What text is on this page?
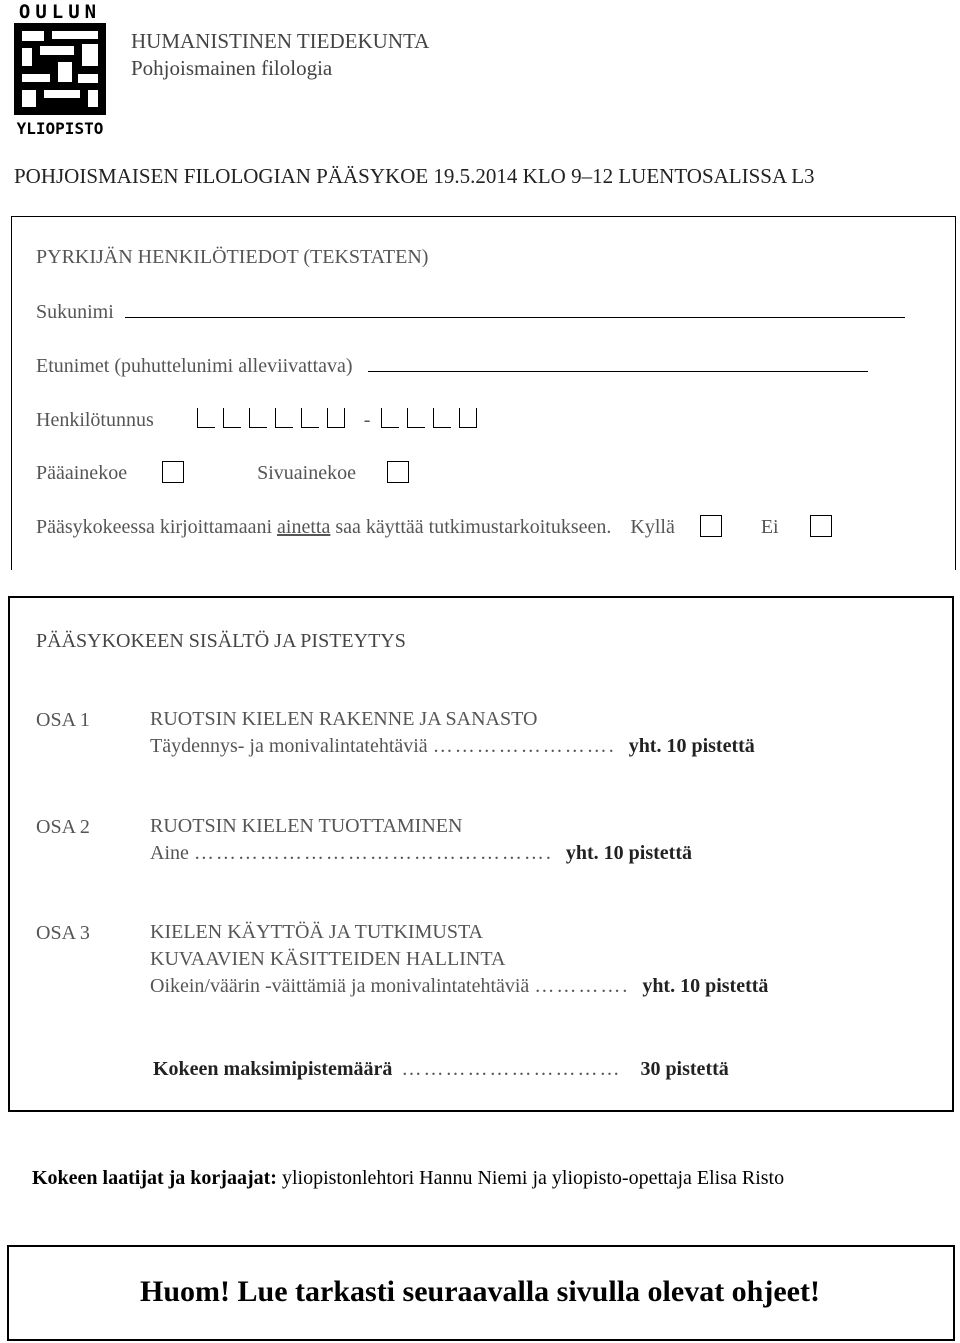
OULUN
YLIOPISTO
HUMANISTINEN TIEDEKUNTA
Pohjoismainen filologia
POHJOISMAISEN FILOLOGIAN PÄÄSYKOE 19.5.2014 KLO 9–12 LUENTOSALISSA L3
PYRKIJÄN HENKILÖTIEDOT (TEKSTATEN)
Sukunimi
Etunimet (puhuttelunimi alleviivattava)
Henkilötunnus	-
Pääainekoe	Sivuainekoe
Pääsykokeessa kirjoittamaani ainetta saa käyttää tutkimustarkoitukseen. Kyllä	Ei
PÄÄSYKOKEEN SISÄLTÖ JA PISTEYTYS
OSA 1	RUOTSIN KIELEN RAKENNE JA SANASTO
Täydennys- ja monivalintatehtäviä ……………………. yht. 10 pistettä
OSA 2	RUOTSIN KIELEN TUOTTAMINEN
Aine …………………………………………. yht. 10 pistettä
OSA 3	KIELEN KÄYTTÖÄ JA TUTKIMUSTA
KUVAAVIEN KÄSITTEIDEN HALLINTA
Oikein/väärin -väittämiä ja monivalintatehtäviä …………. yht. 10 pistettä
Kokeen maksimipistemäärä ………………………… 30 pistettä
Kokeen laatijat ja korjaajat: yliopistonlehtori Hannu Niemi ja yliopisto-opettaja Elisa Risto
Huom! Lue tarkasti seuraavalla sivulla olevat ohjeet!
